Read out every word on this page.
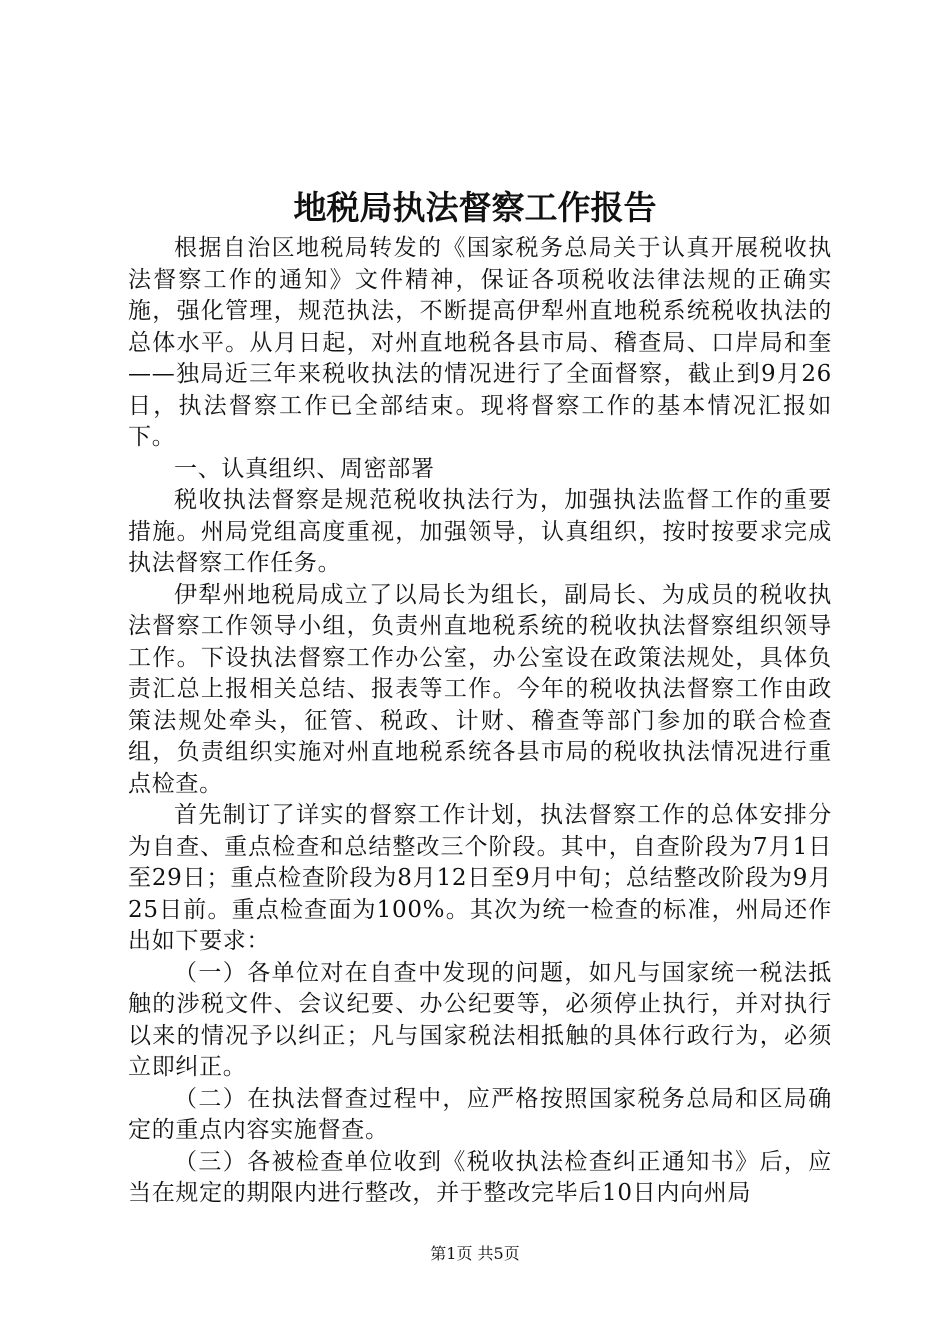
地税局执法督察工作报告

根据自治区地税局转发的《国家税务总局关于认真开展税收执法督察工作的通知》文件精神，保证各项税收法律法规的正确实施，强化管理，规范执法，不断提高伊犁州直地税系统税收执法的总体水平。从月日起，对州直地税各县市局、稽查局、口岸局和奎——独局近三年来税收执法的情况进行了全面督察，截止到9月26日，执法督察工作已全部结束。现将督察工作的基本情况汇报如下。

一、认真组织、周密部署

税收执法督察是规范税收执法行为，加强执法监督工作的重要措施。州局党组高度重视，加强领导，认真组织，按时按要求完成执法督察工作任务。

伊犁州地税局成立了以局长为组长，副局长、为成员的税收执法督察工作领导小组，负责州直地税系统的税收执法督察组织领导工作。下设执法督察工作办公室，办公室设在政策法规处，具体负责汇总上报相关总结、报表等工作。今年的税收执法督察工作由政策法规处牵头，征管、税政、计财、稽查等部门参加的联合检查组，负责组织实施对州直地税系统各县市局的税收执法情况进行重点检查。

首先制订了详实的督察工作计划，执法督察工作的总体安排分为自查、重点检查和总结整改三个阶段。其中，自查阶段为7月1日至29日；重点检查阶段为8月12日至9月中旬；总结整改阶段为9月25日前。重点检查面为100%。其次为统一检查的标准，州局还作出如下要求：

（一）各单位对在自查中发现的问题，如凡与国家统一税法抵触的涉税文件、会议纪要、办公纪要等，必须停止执行，并对执行以来的情况予以纠正；凡与国家税法相抵触的具体行政行为，必须立即纠正。

（二）在执法督查过程中，应严格按照国家税务总局和区局确定的重点内容实施督查。

（三）各被检查单位收到《税收执法检查纠正通知书》后，应当在规定的期限内进行整改，并于整改完毕后10日内向州局

第1页 共5页
